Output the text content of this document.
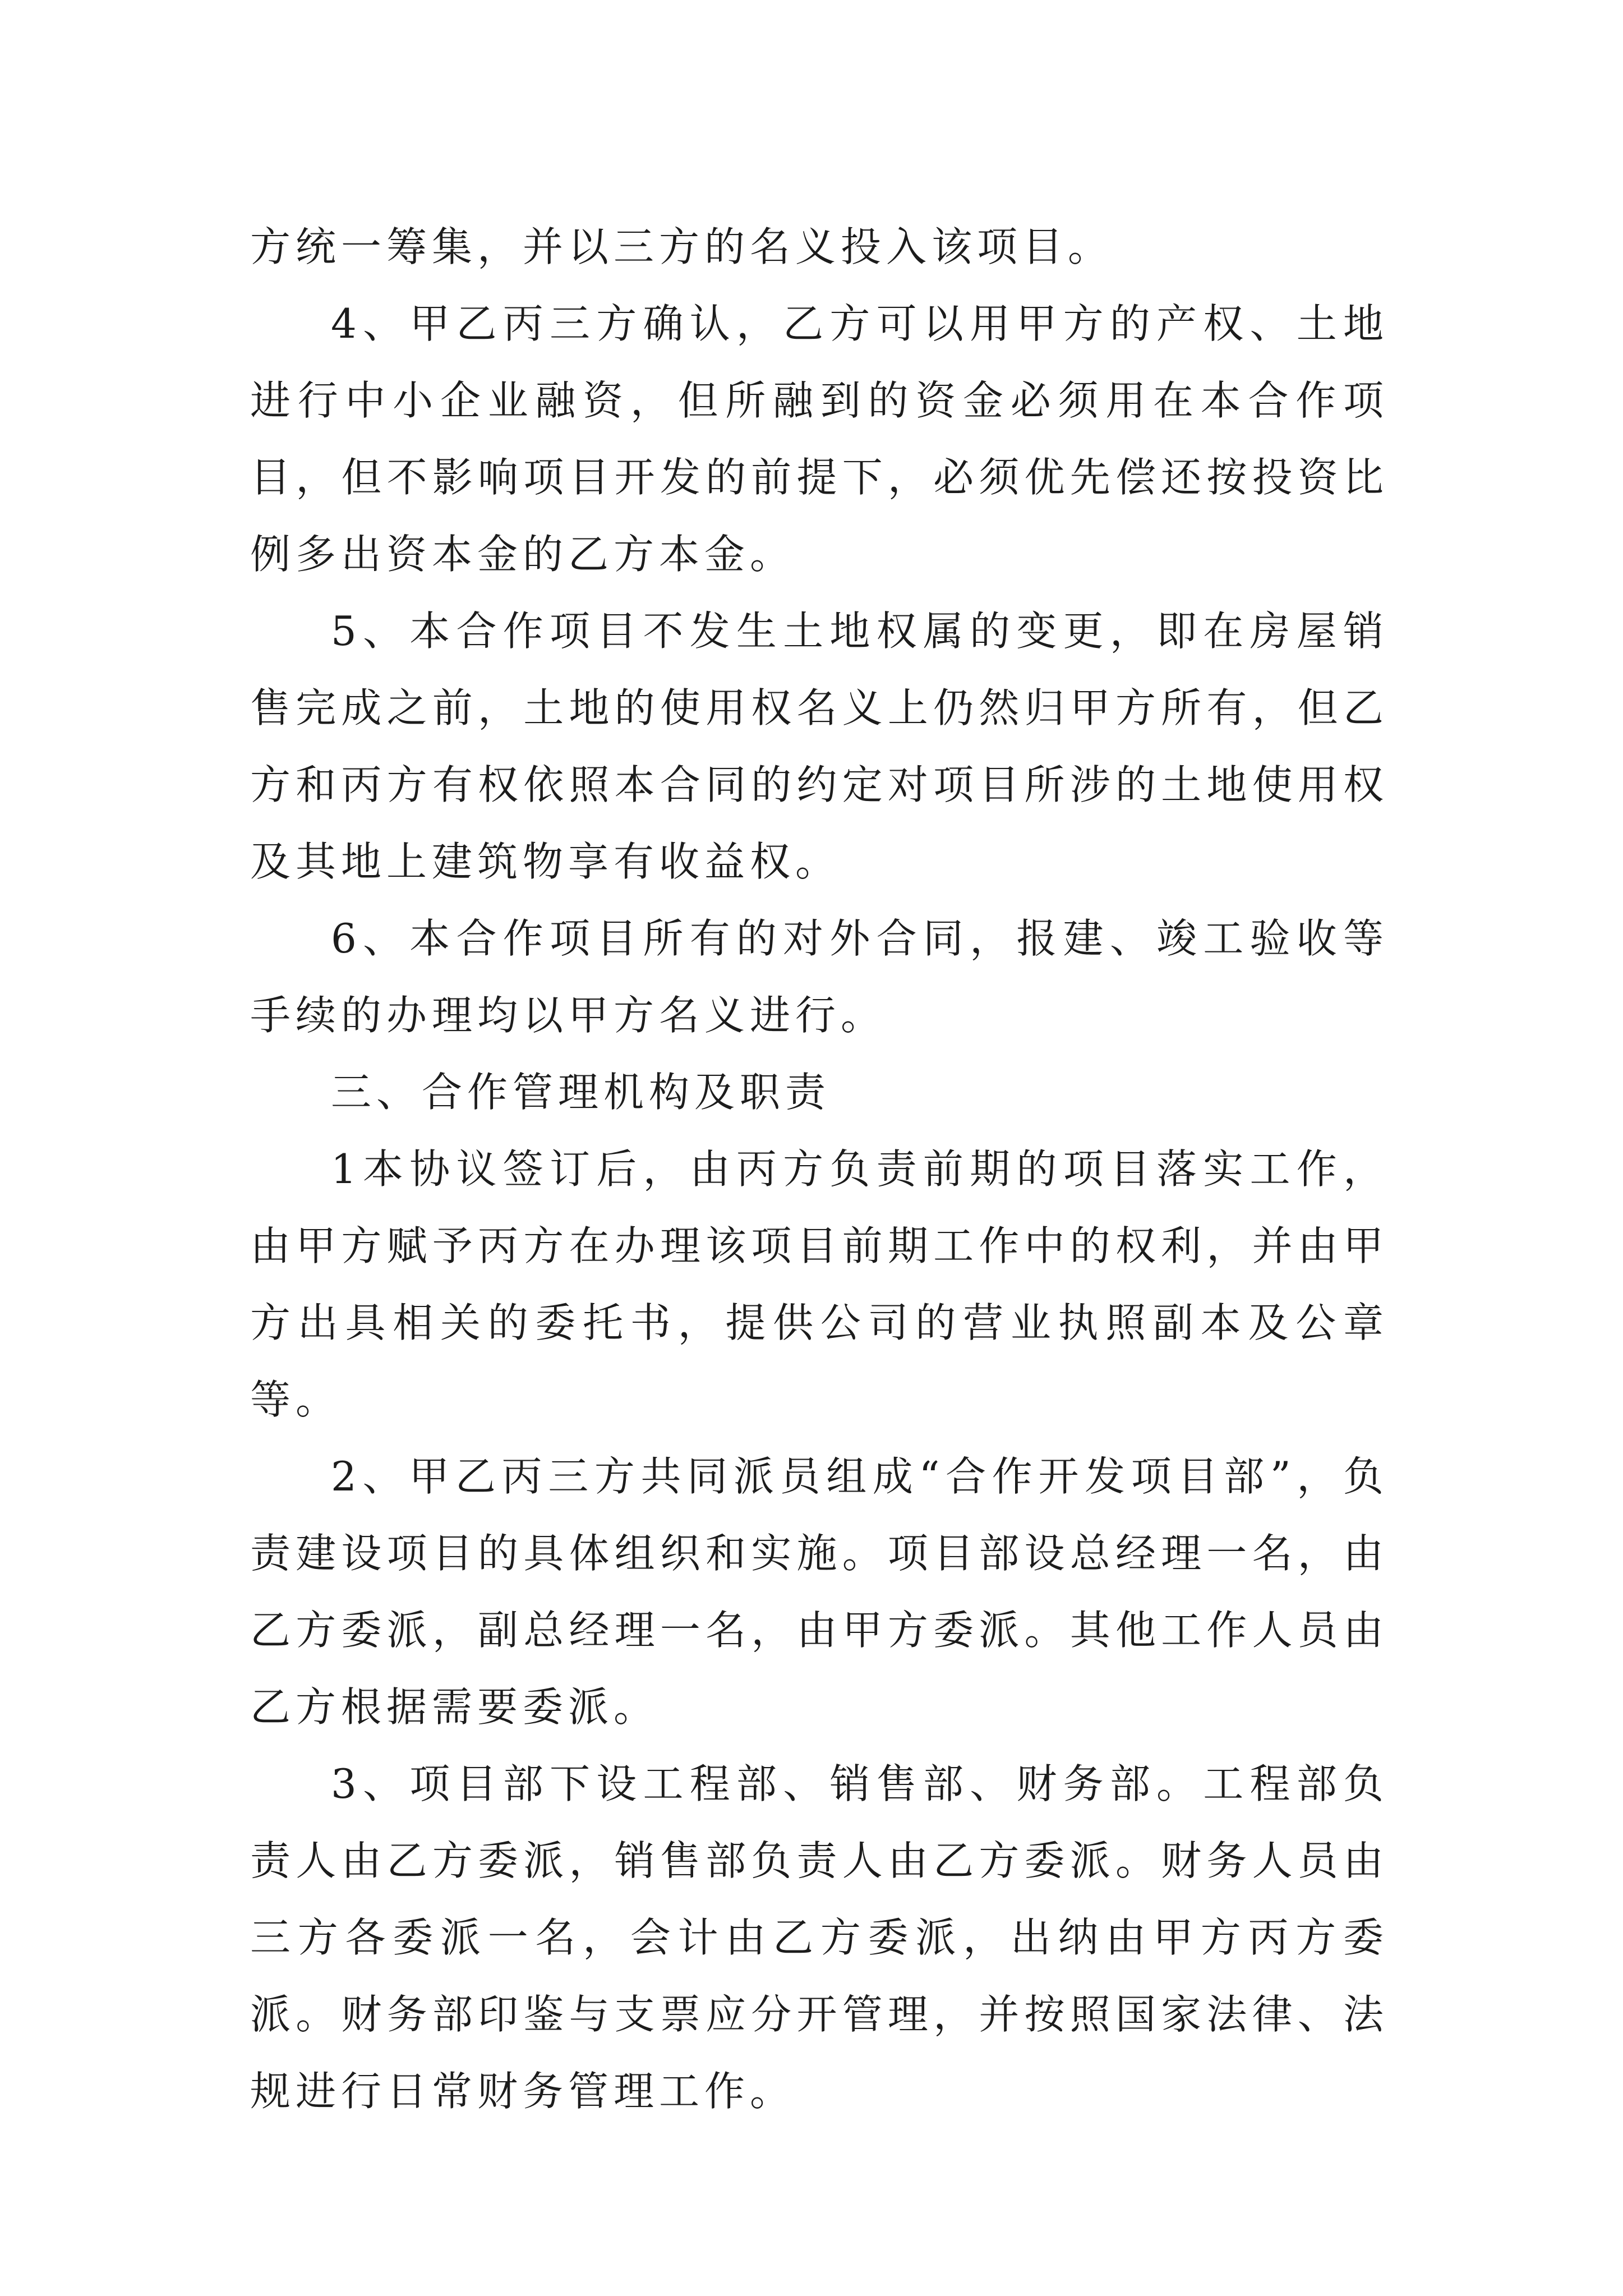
方统一筹集，并以三方的名义投入该项目。

4、甲乙丙三方确认，乙方可以用甲方的产权、土地进行中小企业融资，但所融到的资金必须用在本合作项目，但不影响项目开发的前提下，必须优先偿还按投资比例多出资本金的乙方本金。

5、本合作项目不发生土地权属的变更，即在房屋销售完成之前，土地的使用权名义上仍然归甲方所有，但乙方和丙方有权依照本合同的约定对项目所涉的土地使用权及其地上建筑物享有收益权。

6、本合作项目所有的对外合同，报建、竣工验收等手续的办理均以甲方名义进行。

三、合作管理机构及职责

1本协议签订后，由丙方负责前期的项目落实工作，由甲方赋予丙方在办理该项目前期工作中的权利，并由甲方出具相关的委托书，提供公司的营业执照副本及公章等。

2、甲乙丙三方共同派员组成“合作开发项目部”，负责建设项目的具体组织和实施。项目部设总经理一名，由乙方委派，副总经理一名，由甲方委派。其他工作人员由乙方根据需要委派。

3、项目部下设工程部、销售部、财务部。工程部负责人由乙方委派，销售部负责人由乙方委派。财务人员由三方各委派一名，会计由乙方委派，出纳由甲方丙方委派。财务部印鉴与支票应分开管理，并按照国家法律、法规进行日常财务管理工作。
